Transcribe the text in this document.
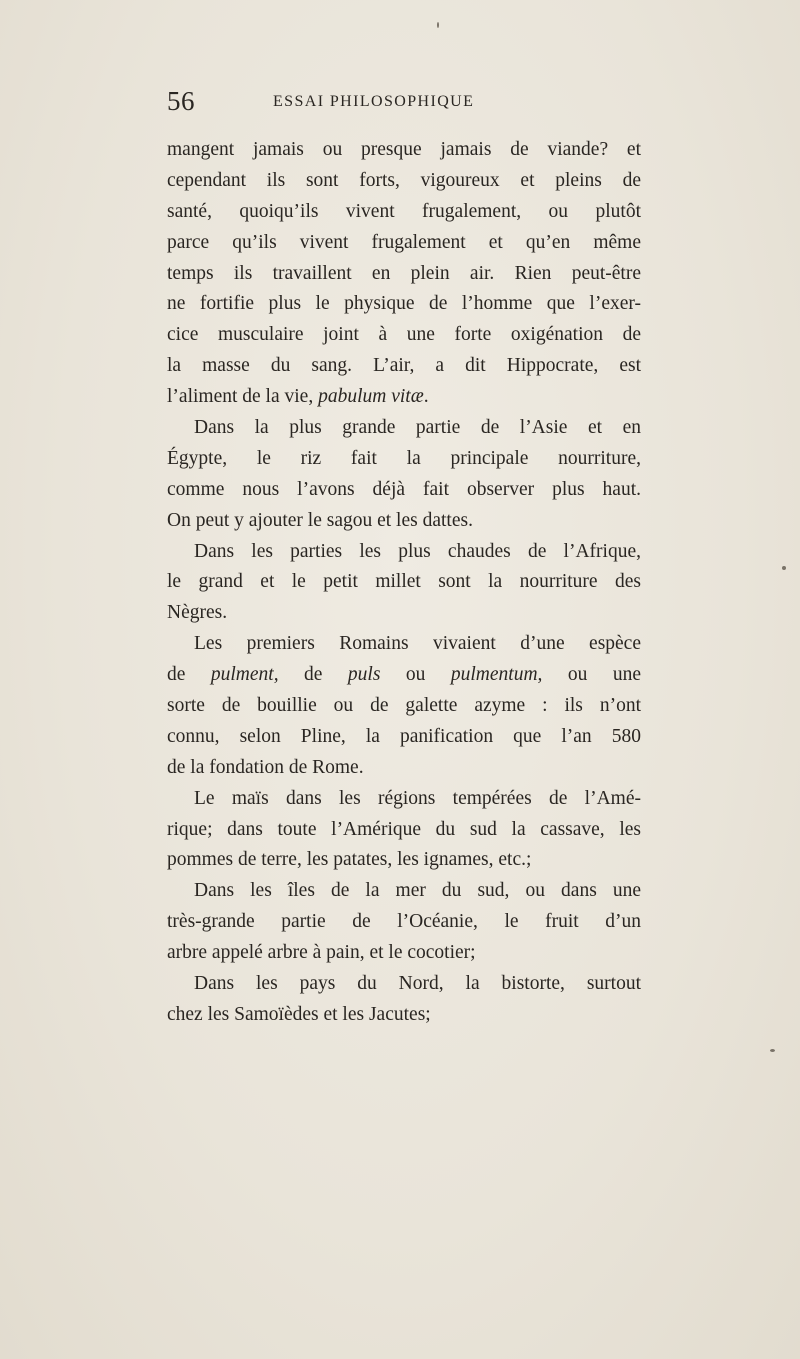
56	ESSAI PHILOSOPHIQUE
mangent jamais ou presque jamais de viande? et
cependant ils sont forts, vigoureux et pleins de
santé, quoiqu’ils vivent frugalement, ou plutôt
parce qu’ils vivent frugalement et qu’en même
temps ils travaillent en plein air. Rien peut-être
ne fortifie plus le physique de l’homme que l’exer-
cice musculaire joint à une forte oxigénation de
la masse du sang. L’air, a dit Hippocrate, est
l’aliment de la vie, pabulum vitæ.
Dans la plus grande partie de l’Asie et en
Égypte, le riz fait la principale nourriture,
comme nous l’avons déjà fait observer plus haut.
On peut y ajouter le sagou et les dattes.
Dans les parties les plus chaudes de l’Afrique,
le grand et le petit millet sont la nourriture des
Nègres.
Les premiers Romains vivaient d’une espèce
de pulment, de puls ou pulmentum, ou une
sorte de bouillie ou de galette azyme : ils n’ont
connu, selon Pline, la panification que l’an 580
de la fondation de Rome.
Le maïs dans les régions tempérées de l’Amé-
rique; dans toute l’Amérique du sud la cassave, les
pommes de terre, les patates, les ignames, etc.;
Dans les îles de la mer du sud, ou dans une
très-grande partie de l’Océanie, le fruit d’un
arbre appelé arbre à pain, et le cocotier;
Dans les pays du Nord, la bistorte, surtout
chez les Samoïèdes et les Jacutes;
